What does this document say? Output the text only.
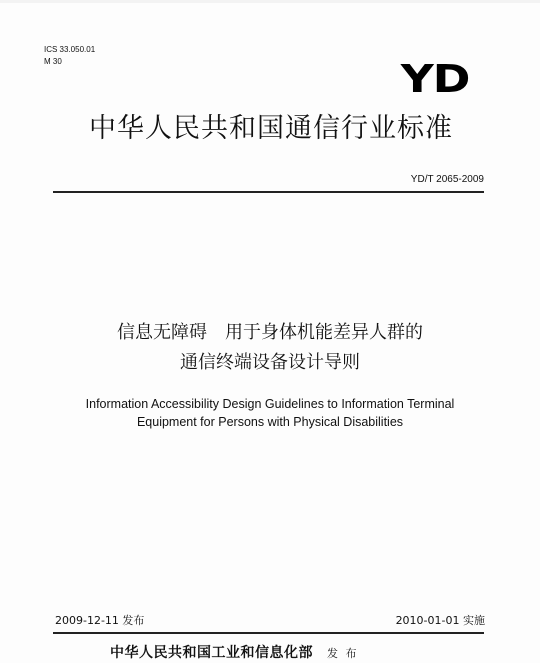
ICS 33.050.01
M 30	YD
中华人民共和国通信行业标准
YD/T 2065-2009
信息无障碍　用于身体机能差异人群的
通信终端设备设计导则
Information Accessibility Design Guidelines to Information Terminal
Equipment for Persons with Physical Disabilities
2009-12-11 发布	2010-01-01 实施
中华人民共和国工业和信息化部 发 布
